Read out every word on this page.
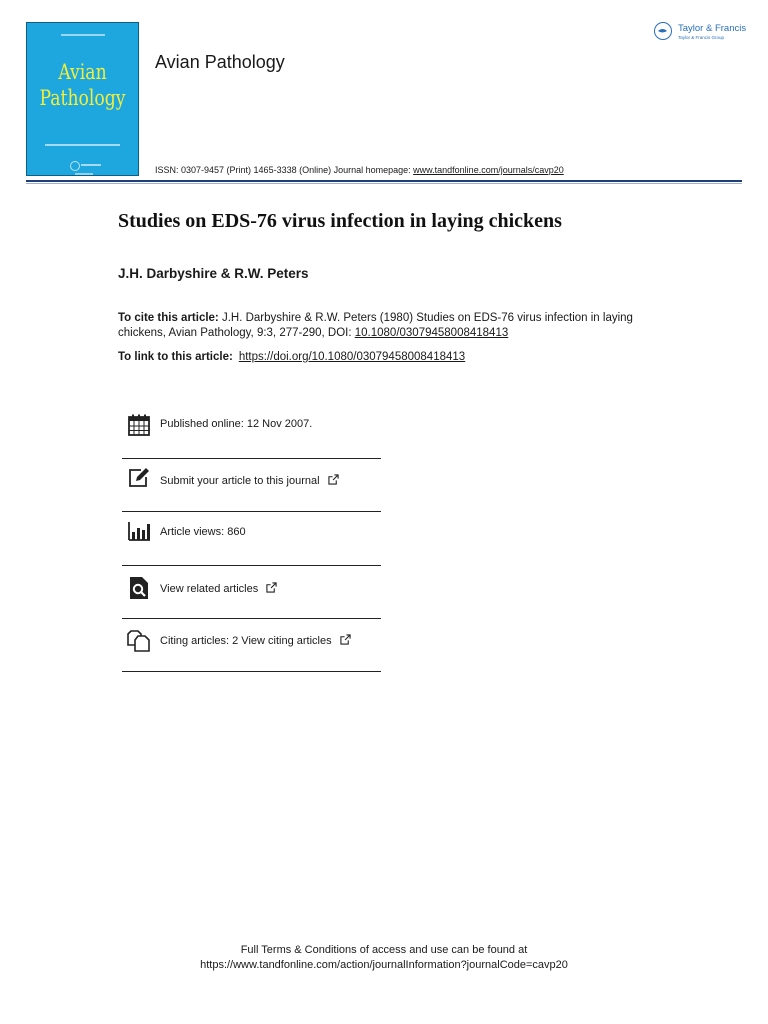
Avian
Pathology
Avian Pathology
ISSN: 0307-9457 (Print) 1465-3338 (Online) Journal homepage: www.tandfonline.com/journals/cavp20
Taylor & Francis
Taylor & Francis Group
Studies on EDS-76 virus infection in laying chickens
J.H. Darbyshire & R.W. Peters
To cite this article: J.H. Darbyshire & R.W. Peters (1980) Studies on EDS-76 virus infection in laying chickens, Avian Pathology, 9:3, 277-290, DOI: 10.1080/03079458008418413
To link to this article: https://doi.org/10.1080/03079458008418413
Published online: 12 Nov 2007.
Submit your article to this journal
Article views: 860
View related articles
Citing articles: 2 View citing articles
Full Terms & Conditions of access and use can be found at
https://www.tandfonline.com/action/journalInformation?journalCode=cavp20
